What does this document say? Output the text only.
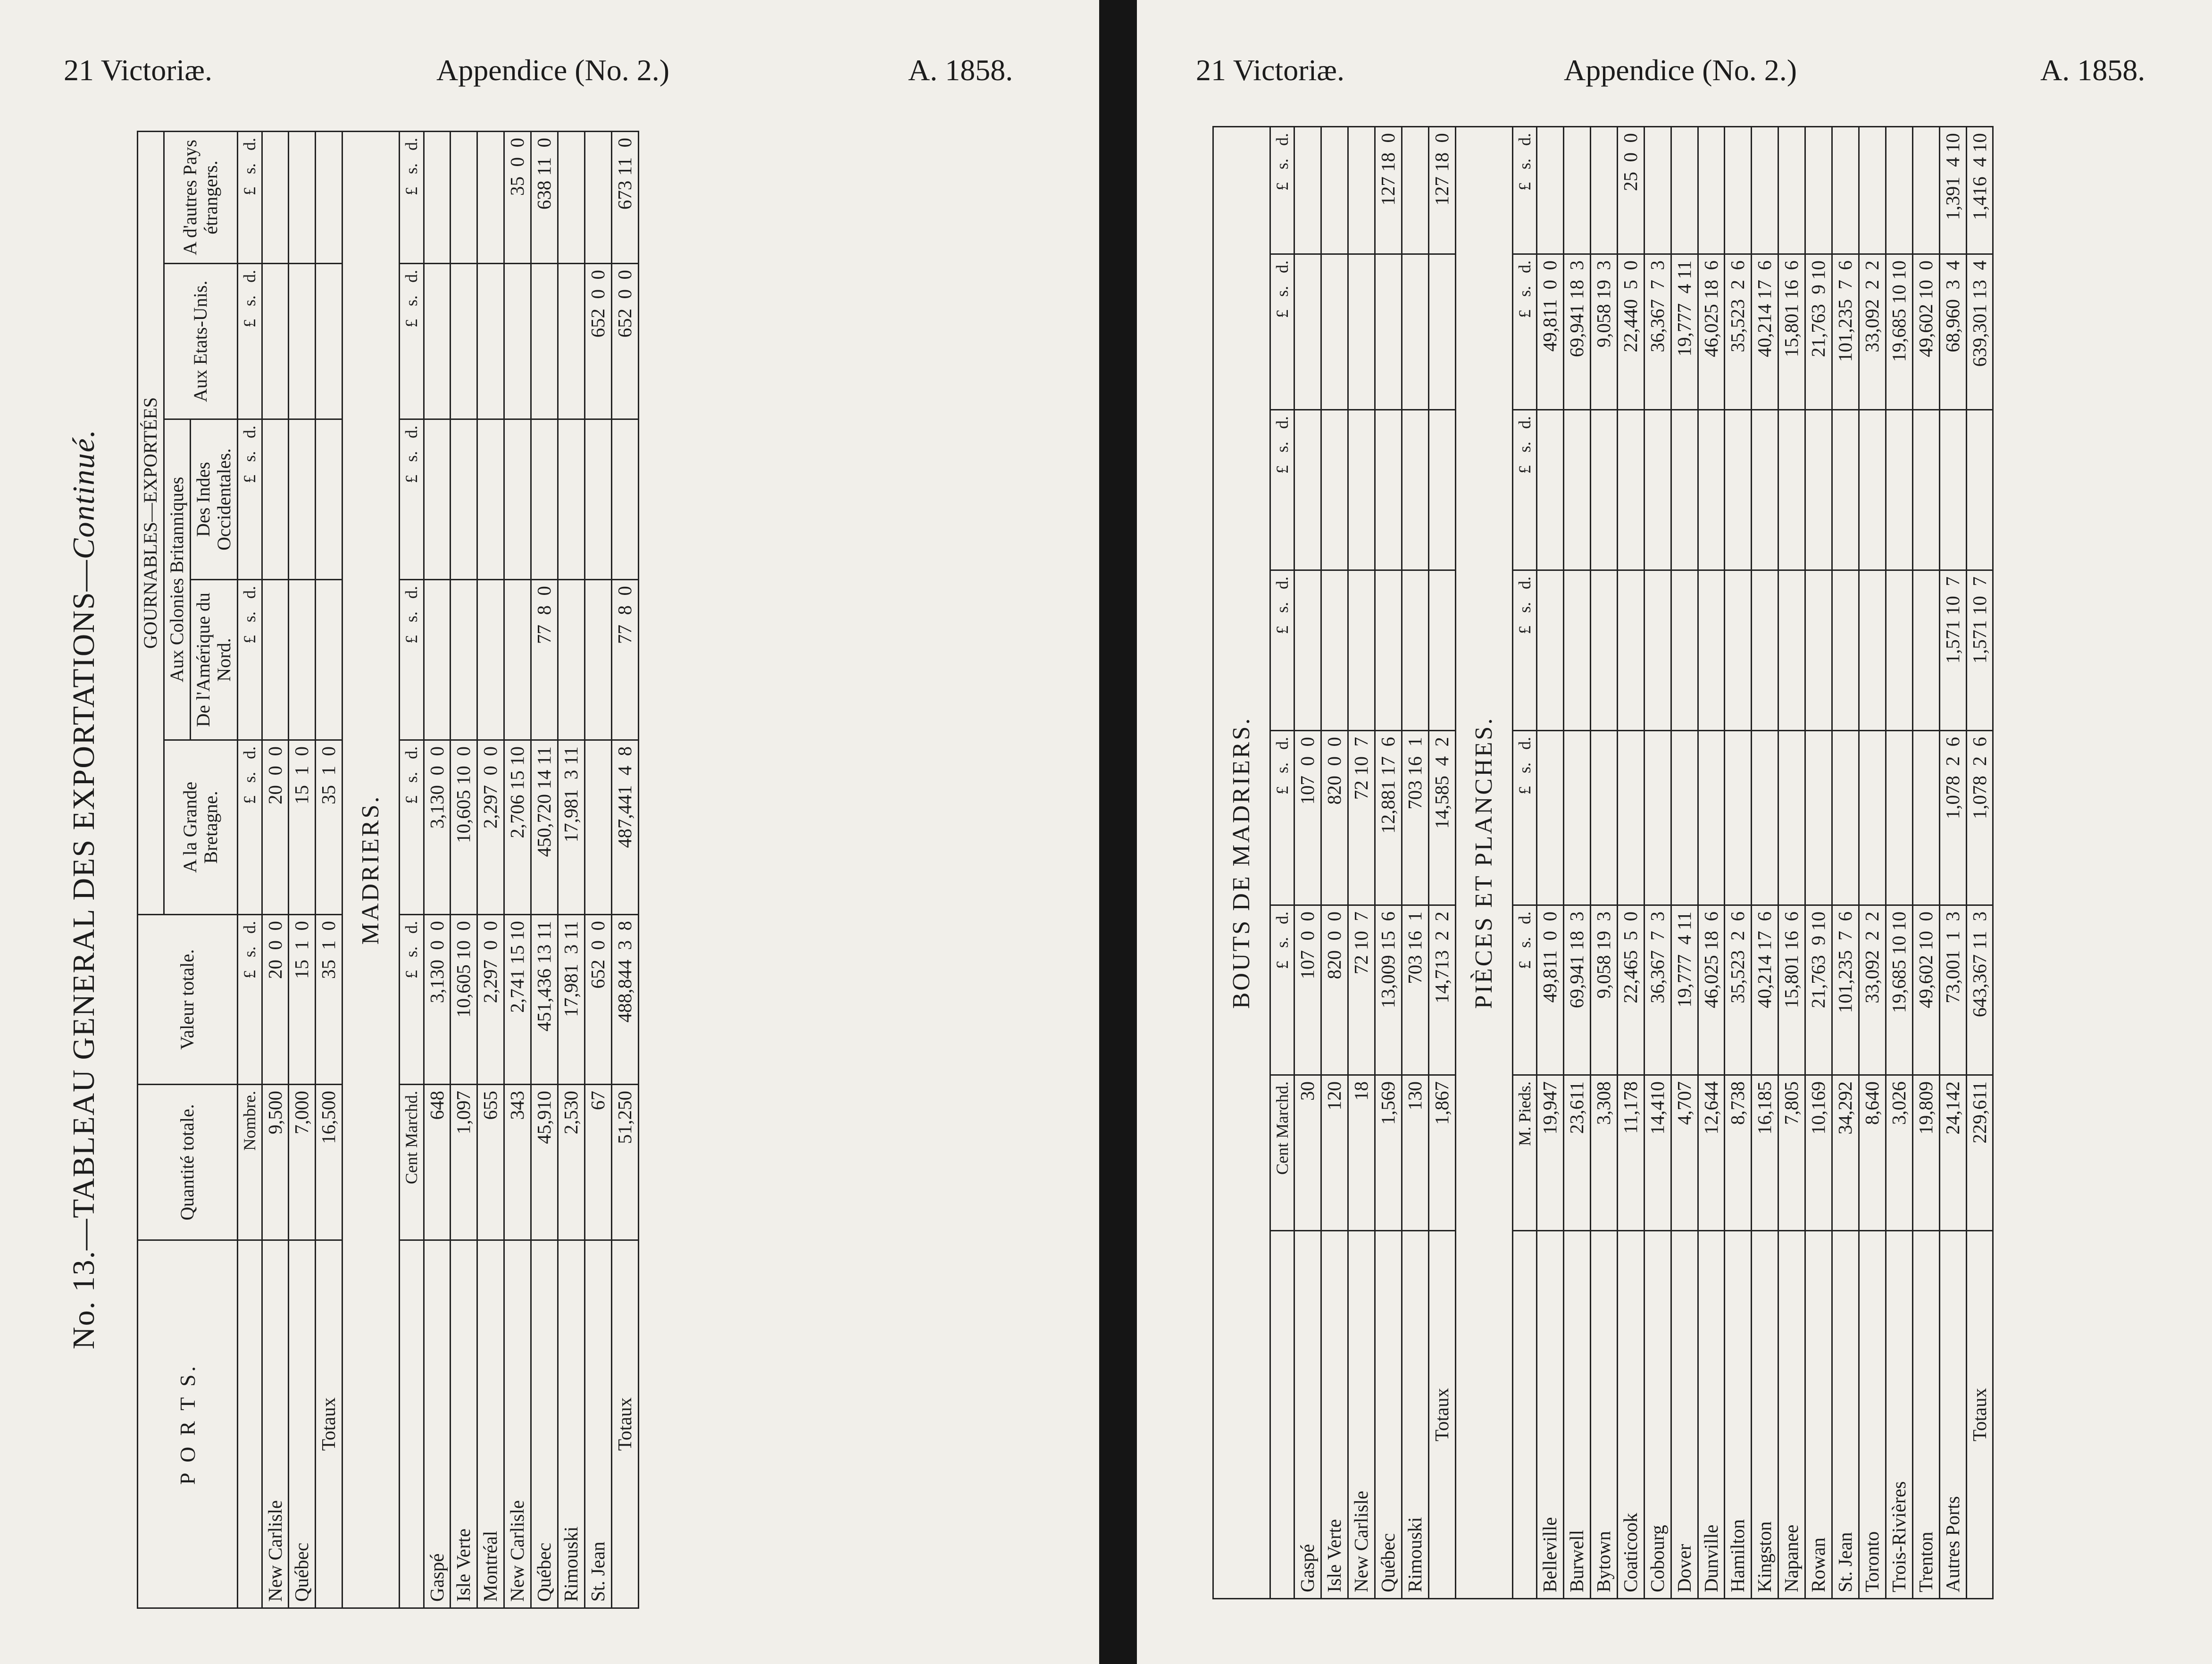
21 Victoriæ.	Appendice (No. 2.)	A. 1858.
No. 13.—TABLEAU GENERAL DES EXPORTATIONS—Continué.
P O R T S.	Quantité totale.	Valeur totale.	GOURNABLES—EXPORTÉES				
			A la Grande Bretagne.	Aux Colonies Britanniques		Aux Etats-Unis.	A d'autres Pays étrangers.
				De l'Amérique du Nord.	Des Indes Occidentales.		
	Nombre.	£   s.   d.	£   s.   d.	£   s.   d.	£   s.   d.	£   s.   d.	£   s.   d.
New Carlisle	9,500	20  0  0	20  0  0				
Québec	7,000	15  1  0	15  1  0				
Totaux	16,500	35  1  0	35  1  0				
MADRIERS.							
	Cent Marchd.	£   s.   d.	£   s.   d.	£   s.   d.	£   s.   d.	£   s.   d.	£   s.   d.
Gaspé	648	3,130  0  0	3,130  0  0				
Isle Verte	1,097	10,605 10  0	10,605 10  0				
Montréal	655	2,297  0  0	2,297  0  0				
New Carlisle	343	2,741 15 10	2,706 15 10				35  0  0
Québec	45,910	451,436 13 11	450,720 14 11	77  8  0			638 11  0
Rimouski	2,530	17,981  3 11	17,981  3 11				
St. Jean	67	652  0  0				652  0  0	
Totaux	51,250	488,844  3  8	487,441  4  8	77  8  0		652  0  0	673 11  0
21 Victoriæ.	Appendice (No. 2.)	A. 1858.
BOUTS DE MADRIERS.							
	Cent Marchd.	£   s.   d.	£   s.   d.	£   s.   d.	£   s.   d.	£   s.   d.	£   s.   d.
Gaspé	30	107  0  0	107  0  0				
Isle Verte	120	820  0  0	820  0  0				
New Carlisle	18	72 10  7	72 10  7				
Québec	1,569	13,009 15  6	12,881 17  6				127 18  0
Rimouski	130	703 16  1	703 16  1				
Totaux	1,867	14,713  2  2	14,585  4  2				127 18  0
PIÈCES ET PLANCHES.							
	M. Pieds.	£   s.   d.	£   s.   d.	£   s.   d.	£   s.   d.	£   s.   d.	£   s.   d.
Belleville	19,947	49,811  0  0				49,811  0  0	
Burwell	23,611	69,941 18  3				69,941 18  3	
Bytown	3,308	9,058 19  3				9,058 19  3	
Coaticook	11,178	22,465  5  0				22,440  5  0	25  0  0
Cobourg	14,410	36,367  7  3				36,367  7  3	
Dover	4,707	19,777  4 11				19,777  4 11	
Dunville	12,644	46,025 18  6				46,025 18  6	
Hamilton	8,738	35,523  2  6				35,523  2  6	
Kingston	16,185	40,214 17  6				40,214 17  6	
Napanee	7,805	15,801 16  6				15,801 16  6	
Rowan	10,169	21,763  9 10				21,763  9 10	
St. Jean	34,292	101,235  7  6				101,235  7  6	
Toronto	8,640	33,092  2  2				33,092  2  2	
Trois-Rivières	3,026	19,685 10 10				19,685 10 10	
Trenton	19,809	49,602 10  0				49,602 10  0	
Autres Ports	24,142	73,001  1  3	1,078  2  6	1,571 10  7		68,960  3  4	1,391  4 10
Totaux	229,611	643,367 11  3	1,078  2  6	1,571 10  7		639,301 13  4	1,416  4 10
